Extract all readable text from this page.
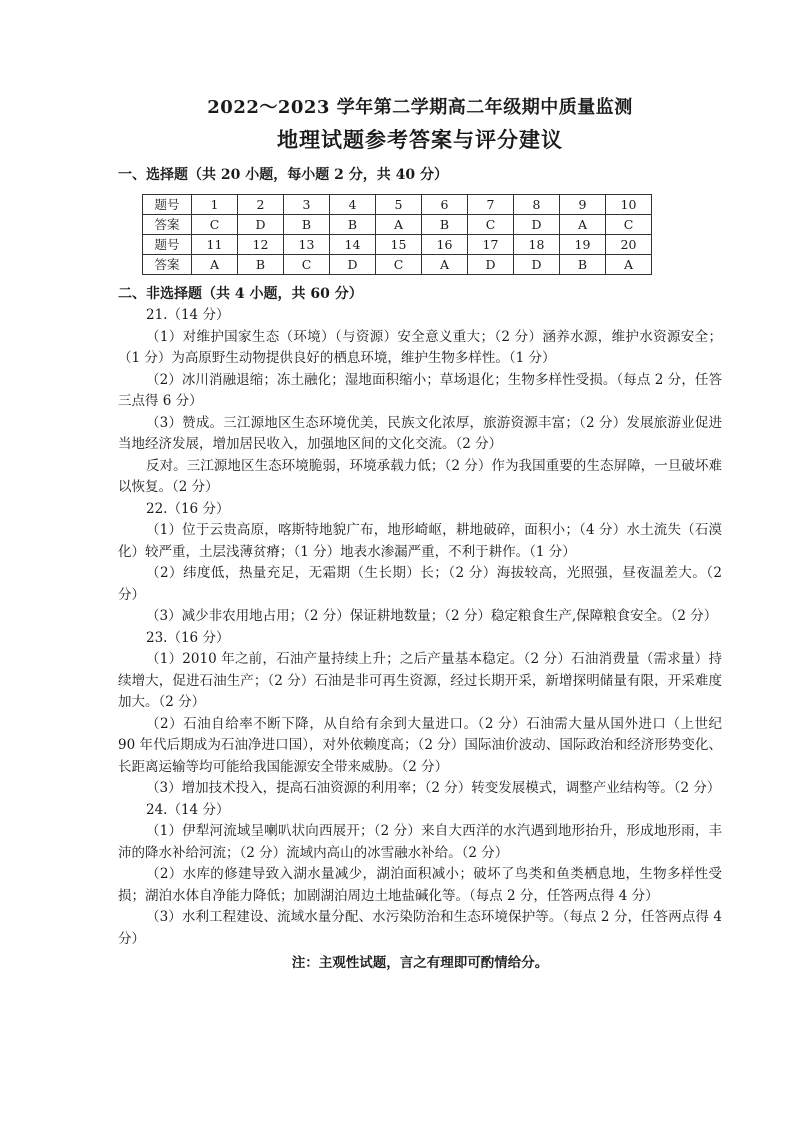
2022～2023 学年第二学期高二年级期中质量监测
地理试题参考答案与评分建议

一、选择题（共 20 小题，每小题 2 分，共 40 分）

题号	1	2	3	4	5	6	7	8	9	10
答案	C	D	B	B	A	B	C	D	A	C
题号	11	12	13	14	15	16	17	18	19	20
答案	A	B	C	D	C	A	D	D	B	A

二、非选择题（共 4 小题，共 60 分）

21.（14 分）

（1）对维护国家生态（环境）（与资源）安全意义重大；（2 分）涵养水源，维护水资源安全；（1 分）为高原野生动物提供良好的栖息环境，维护生物多样性。（1 分）

（2）冰川消融退缩；冻土融化；湿地面积缩小；草场退化；生物多样性受损。（每点 2 分，任答三点得 6 分）

（3）赞成。三江源地区生态环境优美，民族文化浓厚，旅游资源丰富；（2 分）发展旅游业促进当地经济发展，增加居民收入，加强地区间的文化交流。（2 分）

反对。三江源地区生态环境脆弱，环境承载力低；（2 分）作为我国重要的生态屏障，一旦破坏难以恢复。（2 分）

22.（16 分）

（1）位于云贵高原，喀斯特地貌广布，地形崎岖，耕地破碎，面积小；（4 分）水土流失（石漠化）较严重，土层浅薄贫瘠；（1 分）地表水渗漏严重，不利于耕作。（1 分）

（2）纬度低，热量充足，无霜期（生长期）长；（2 分）海拔较高，光照强，昼夜温差大。（2 分）

（3）减少非农用地占用；（2 分）保证耕地数量；（2 分）稳定粮食生产,保障粮食安全。（2 分）

23.（16 分）

（1）2010 年之前，石油产量持续上升；之后产量基本稳定。（2 分）石油消费量（需求量）持续增大，促进石油生产；（2 分）石油是非可再生资源，经过长期开采，新增探明储量有限，开采难度加大。（2 分）

（2）石油自给率不断下降，从自给有余到大量进口。（2 分）石油需大量从国外进口（上世纪 90 年代后期成为石油净进口国），对外依赖度高；（2 分）国际油价波动、国际政治和经济形势变化、长距离运输等均可能给我国能源安全带来威胁。（2 分）

（3）增加技术投入，提高石油资源的利用率；（2 分）转变发展模式，调整产业结构等。（2 分）

24.（14 分）

（1）伊犁河流域呈喇叭状向西展开；（2 分）来自大西洋的水汽遇到地形抬升，形成地形雨，丰沛的降水补给河流；（2 分）流域内高山的冰雪融水补给。（2 分）

（2）水库的修建导致入湖水量减少，湖泊面积减小；破坏了鸟类和鱼类栖息地，生物多样性受损；湖泊水体自净能力降低；加剧湖泊周边土地盐碱化等。（每点 2 分，任答两点得 4 分）

（3）水利工程建设、流域水量分配、水污染防治和生态环境保护等。（每点 2 分，任答两点得 4 分）

注：主观性试题，言之有理即可酌情给分。
